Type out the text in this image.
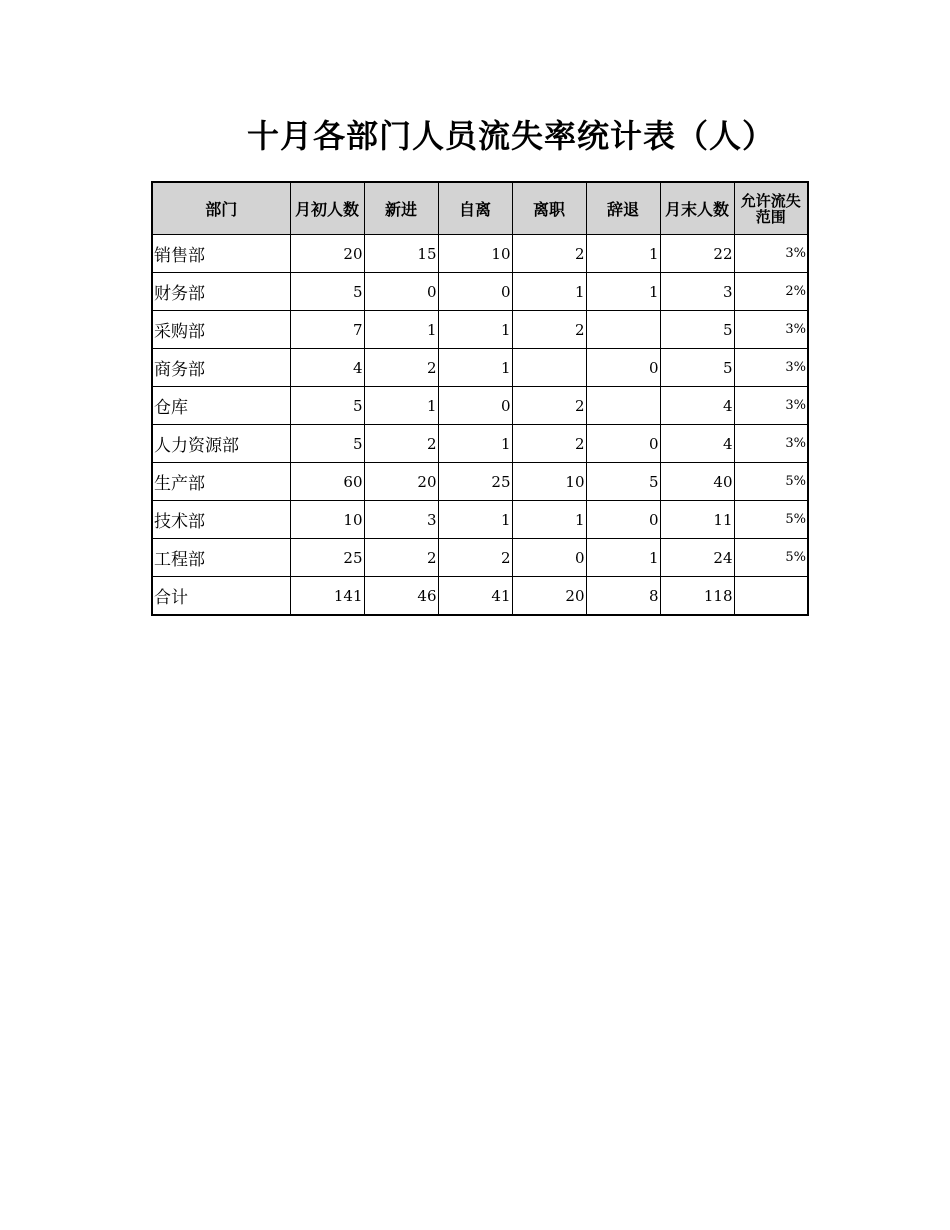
十月各部门人员流失率统计表（人）
部门	月初人数	新进	自离	离职	辞退	月末人数	允许流失范围
销售部	20	15	10	2	1	22	3%
财务部	5	0	0	1	1	3	2%
采购部	7	1	1	2		5	3%
商务部	4	2	1		0	5	3%
仓库	5	1	0	2		4	3%
人力资源部	5	2	1	2	0	4	3%
生产部	60	20	25	10	5	40	5%
技术部	10	3	1	1	0	11	5%
工程部	25	2	2	0	1	24	5%
合计	141	46	41	20	8	118	
